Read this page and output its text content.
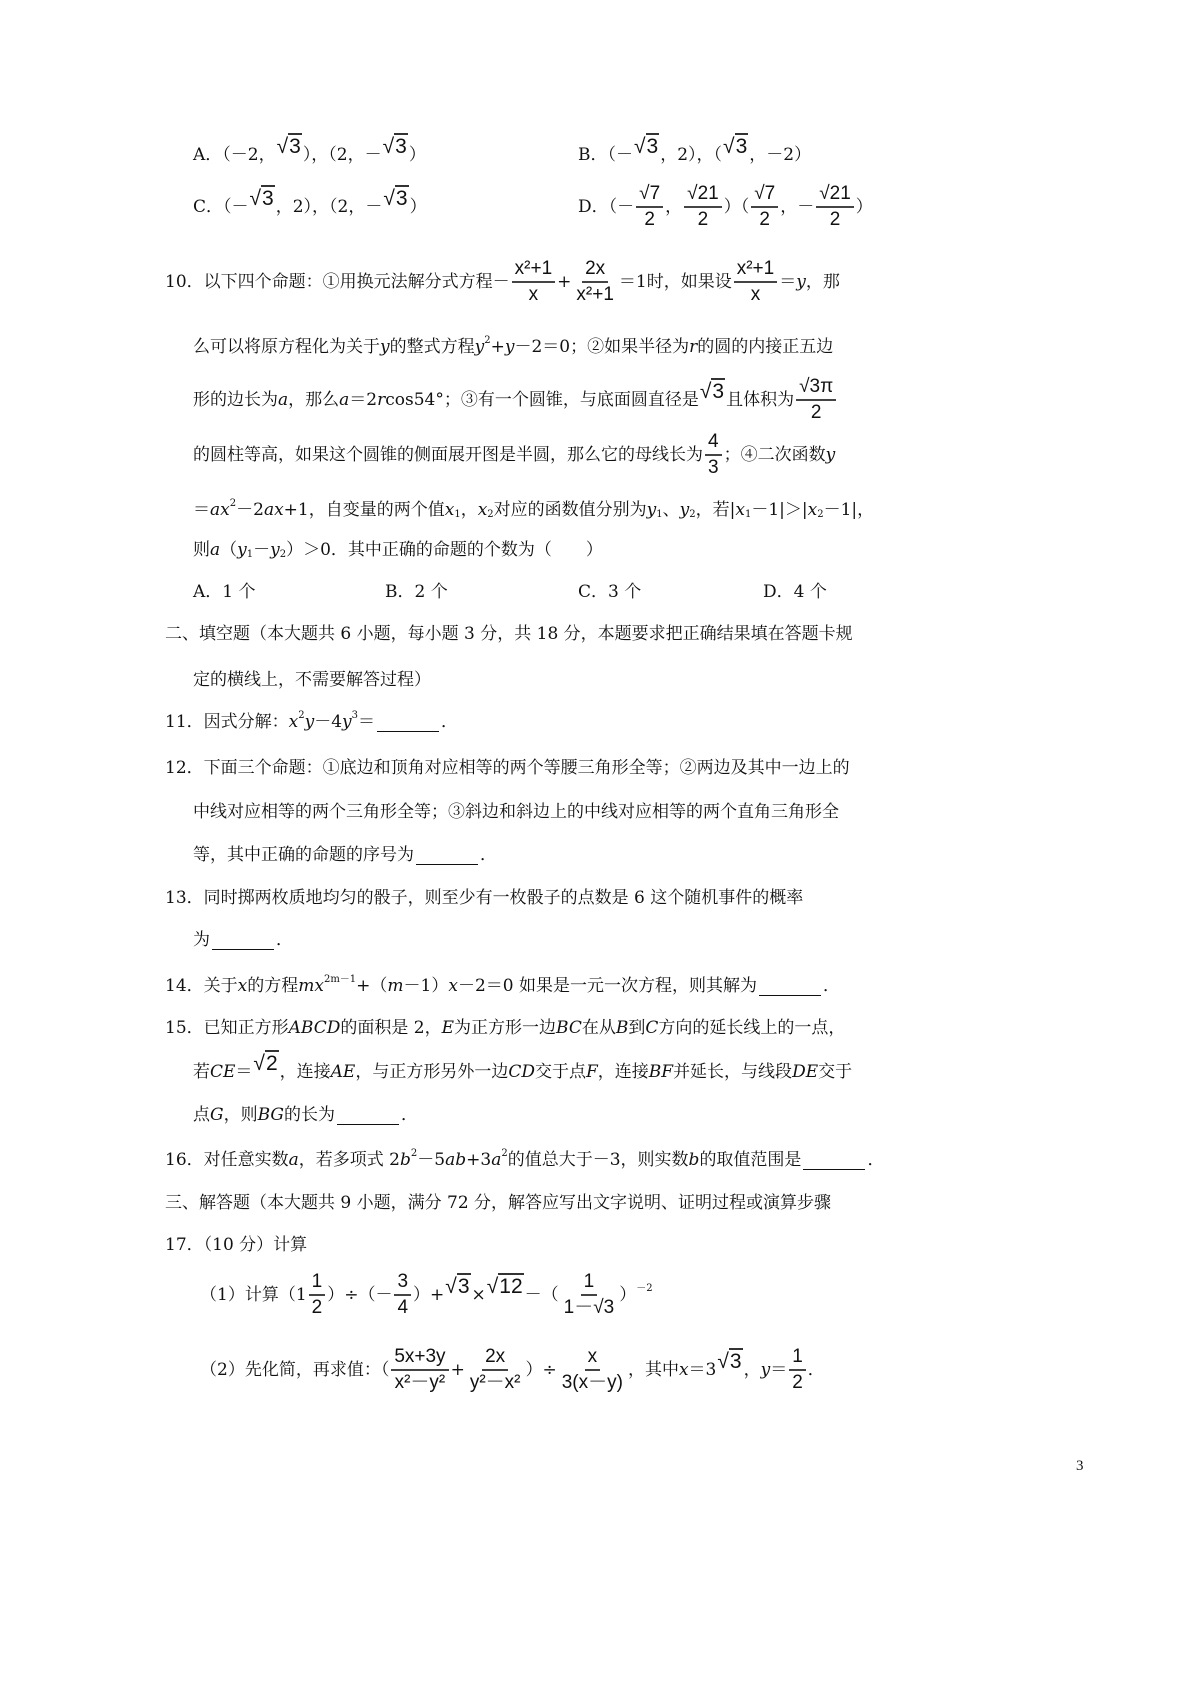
A．（－2， √3 ），（2，－ √3 ）	B．（－ √3 ，2），（ √3 ，－2）
C．（－ √3 ，2），（2，－ √3 ）	D．（－ $\frac{√7}{2}$ ， $\frac{√21}{2}$ ）（ $\frac{√7}{2}$ ，－ $\frac{√21}{2}$ ）
10．以下四个命题：①用换元法解分式方程－ $\frac{\text{x²+1}}{x} + \frac{2x}{\text{x²+1}} =1$时，如果设 $\frac{\text{x²+1}}{x} = y$ ，那
么可以将原方程化为关于 y 的整式方程 y 2 + y －2＝0；②如果半径为 r 的圆的内接正五边
形的边长为 a ，那么 a ＝2 r cos54°；③有一个圆锥，与底面圆直径是 √3 且体积为 $\frac{√3\pi}{2}$
的圆柱等高，如果这个圆锥的侧面展开图是半圆，那么它的母线长为 $\frac{4}{3}$ ；④二次函数 y
＝ ax 2 －2 ax +1，自变量的两个值 x 1 ， x 2 对应的函数值分别为 y 1 、 y 2 ，若| x 1 －1|＞| x 2 －1|，
则 a （ y 1 － y 2 ）＞0．其中正确的命题的个数为（　　）
A．1 个	B．2 个	C．3 个	D．4 个
二、填空题（本大题共 6 小题，每小题 3 分，共 18 分，本题要求把正确结果填在答题卡规
定的横线上，不需要解答过程）
11．因式分解： x 2 y －4 y 3 ＝	．
12．下面三个命题：①底边和顶角对应相等的两个等腰三角形全等；②两边及其中一边上的
中线对应相等的两个三角形全等；③斜边和斜边上的中线对应相等的两个直角三角形全
等，其中正确的命题的序号为	．
13．同时掷两枚质地均匀的骰子，则至少有一枚骰子的点数是 6 这个随机事件的概率
为	．
14．关于 x 的方程 mx 2m－1 +（ m －1） x －2＝0 如果是一元一次方程，则其解为	．
15．已知正方形 ABCD 的面积是 2， E 为正方形一边 BC 在从 B 到 C 方向的延长线上的一点，
若 CE ＝ √2 ，连接 AE ，与正方形另外一边 CD 交于点 F ，连接 BF 并延长，与线段 DE 交于
点 G ，则 BG 的长为	．
16．对任意实数 a ，若多项式 2 b 2 －5 ab +3 a 2 的值总大于－3，则实数 b 的取值范围是	．
三、解答题（本大题共 9 小题，满分 72 分，解答应写出文字说明、证明过程或演算步骤
17．（10 分）计算
（1）计算（$1 \frac{1}{2}$ ）÷（－ $\frac{3}{4}$ ）+ √3 × √12 －（ $\frac{1}{1-√3}$ ） －2
（2）先化简，再求值：（ $\frac{5x+3y}{\text{x²－y²}} + \frac{2x}{\text{y²－x²}}$ ）÷ $\frac{x}{3(x-y)}$ ，其中 x ＝3 √3 ， $y = \frac{1}{2}$ ．
3
